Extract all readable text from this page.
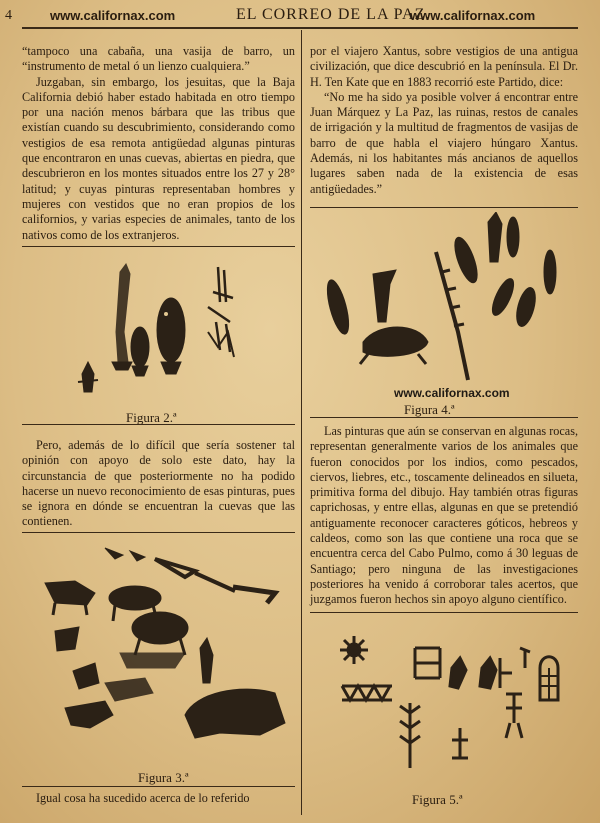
4	www.californax.com	EL CORREO DE LA PAZ.
www.californax.com

“tampoco una cabaña, una vasija de barro, un “instrumento de metal ó un lienzo cualquiera.”

Juzgaban, sin embargo, los jesuitas, que la Baja California debió haber estado habitada en otro tiempo por una nación menos bárbara que las tribus que existían cuando su descubrimiento, considerando como vestigios de esa remota antigüedad algunas pinturas que encontraron en unas cuevas, abiertas en piedra, que descubrieron en los montes situados entre los 27 y 28° latitud; y cuyas pinturas representaban hombres y mujeres con vestidos que no eran propios de los californios, y varias especies de animales, tanto de los nativos como de los extranjeros.

Figura 2.ª

Pero, además de lo difícil que sería sostener tal opinión con apoyo de solo este dato, hay la circunstancia de que posteriormente no ha podido hacerse un nuevo reconocimiento de esas pinturas, pues se ignora en dónde se encuentran la cuevas que las contienen.

Figura 3.ª

Igual cosa ha sucedido acerca de lo referido

por el viajero Xantus, sobre vestigios de una antigua civilización, que dice descubrió en la península. El Dr. H. Ten Kate que en 1883 recorrió este Partido, dice:

“No me ha sido ya posible volver á encontrar entre Juan Márquez y La Paz, las ruinas, restos de canales de irrigación y la multitud de fragmentos de vasijas de barro de que habla el viajero húngaro Xantus. Además, ni los habitantes más ancianos de aquellos lugares saben nada de la existencia de esas antigüedades.”

www.californax.com
Figura 4.ª

Las pinturas que aún se conservan en algunas rocas, representan generalmente varios de los animales que fueron conocidos por los indios, como pescados, ciervos, liebres, etc., toscamente delineados en silueta, primitiva forma del dibujo. Hay también otras figuras caprichosas, y entre ellas, algunas en que se pretendió antiguamente reconocer caracteres góticos, hebreos y caldeos, como son las que contiene una roca que se encuentra cerca del Cabo Pulmo, como á 30 leguas de Santiago; pero ninguna de las investigaciones posteriores ha venido á corroborar tales acertos, que juzgamos fueron hechos sin apoyo alguno científico.

Figura 5.ª
